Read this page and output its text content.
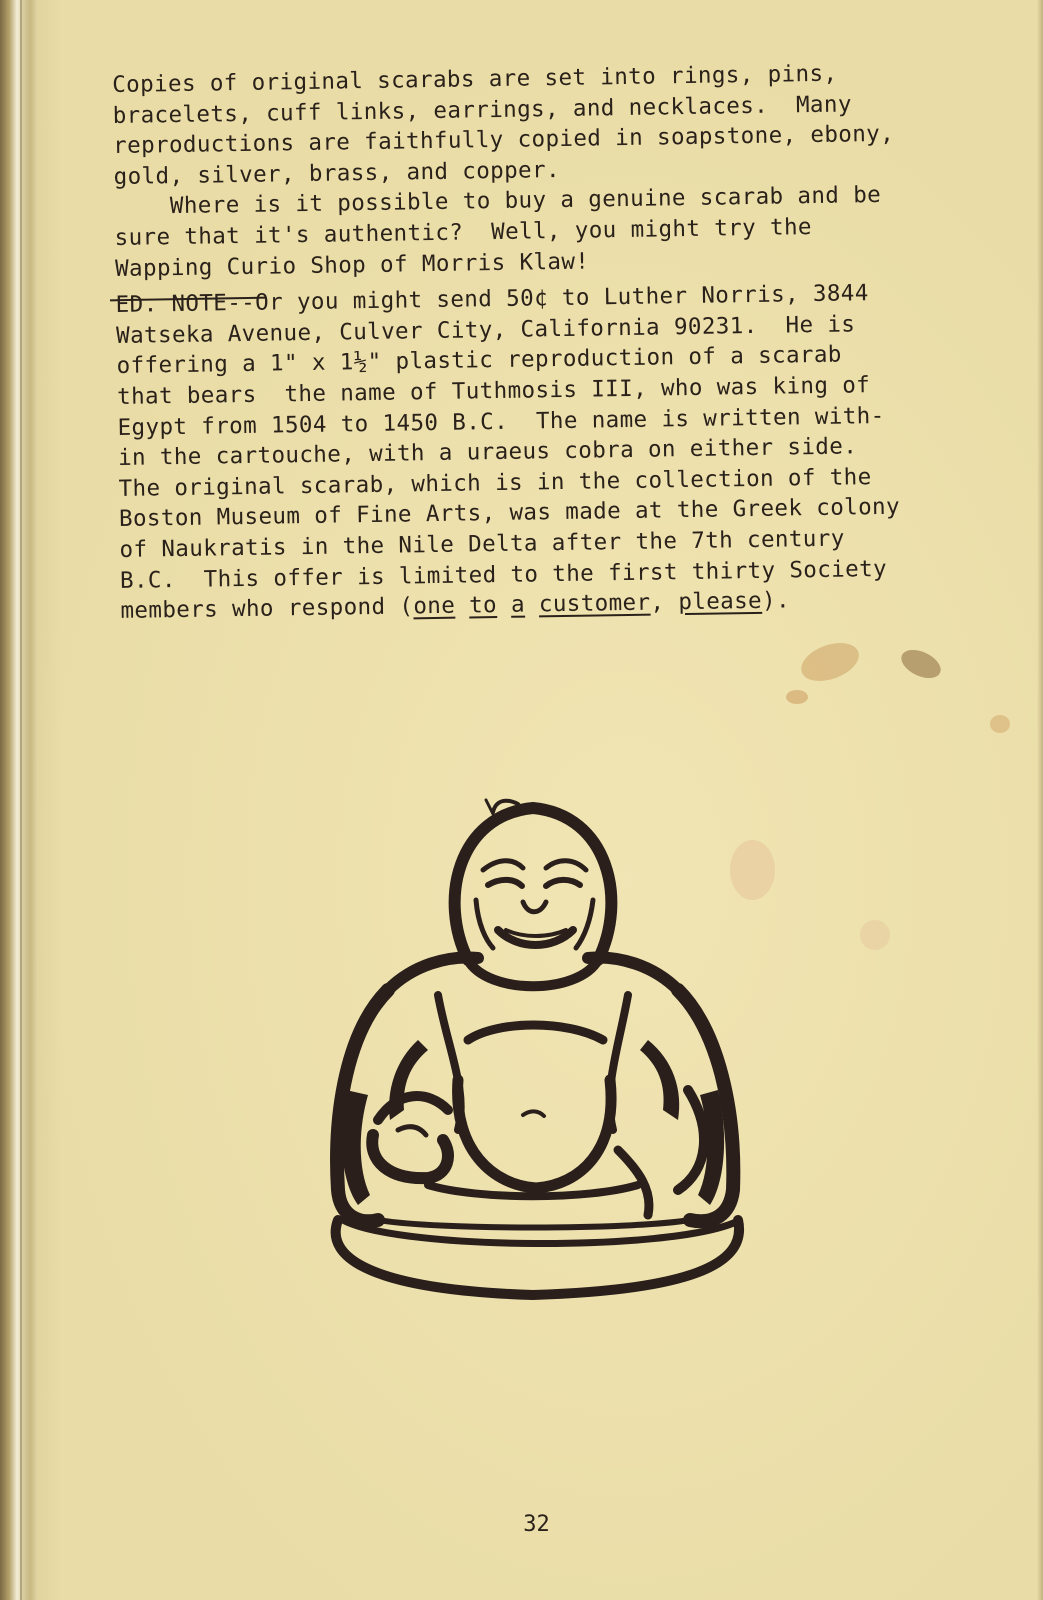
Copies of original scarabs are set into rings, pins,
bracelets, cuff links, earrings, and necklaces.  Many
reproductions are faithfully copied in soapstone, ebony,
gold, silver, brass, and copper.
Where is it possible to buy a genuine scarab and be
sure that it's authentic?  Well, you might try the
Wapping Curio Shop of Morris Klaw!
ED. NOTE--Or you might send 50¢ to Luther Norris, 3844
Watseka Avenue, Culver City, California 90231.  He is
offering a 1" x 1½" plastic reproduction of a scarab
that bears  the name of Tuthmosis III, who was king of
Egypt from 1504 to 1450 B.C.  The name is written with-
in the cartouche, with a uraeus cobra on either side.
The original scarab, which is in the collection of the
Boston Museum of Fine Arts, was made at the Greek colony
of Naukratis in the Nile Delta after the 7th century
B.C.  This offer is limited to the first thirty Society
members who respond (one to a customer, please).
32
